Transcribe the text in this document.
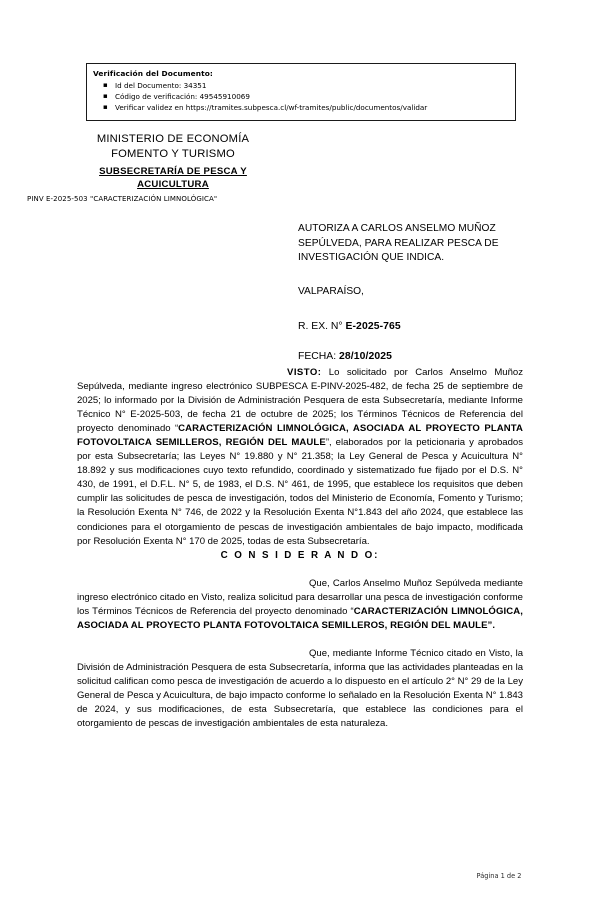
Verificación del Documento:
▪ Id del Documento: 34351
▪ Código de verificación: 49545910069
▪ Verificar validez en https://tramites.subpesca.cl/wf-tramites/public/documentos/validar
MINISTERIO DE ECONOMÍA
FOMENTO Y TURISMO
SUBSECRETARÍA DE PESCA Y
ACUICULTURA
PINV E-2025-503 "CARACTERIZACIÓN LIMNOLÓGICA"
AUTORIZA A CARLOS ANSELMO MUÑOZ SEPÚLVEDA, PARA REALIZAR PESCA DE INVESTIGACIÓN QUE INDICA.
VALPARAÍSO,
R. EX. N° E-2025-765
FECHA: 28/10/2025

VISTO: Lo solicitado por Carlos Anselmo Muñoz Sepúlveda, mediante ingreso electrónico SUBPESCA E-PINV-2025-482, de fecha 25 de septiembre de 2025; lo informado por la División de Administración Pesquera de esta Subsecretaría, mediante Informe Técnico N° E-2025-503, de fecha 21 de octubre de 2025; los Términos Técnicos de Referencia del proyecto denominado “CARACTERIZACIÓN LIMNOLÓGICA, ASOCIADA AL PROYECTO PLANTA FOTOVOLTAICA SEMILLEROS, REGIÓN DEL MAULE”, elaborados por la peticionaria y aprobados por esta Subsecretaría; las Leyes N° 19.880 y N° 21.358; la Ley General de Pesca y Acuicultura N° 18.892 y sus modificaciones cuyo texto refundido, coordinado y sistematizado fue fijado por el D.S. N° 430, de 1991, el D.F.L. N° 5, de 1983, el D.S. N° 461, de 1995, que establece los requisitos que deben cumplir las solicitudes de pesca de investigación, todos del Ministerio de Economía, Fomento y Turismo; la Resolución Exenta N° 746, de 2022 y la Resolución Exenta N°1.843 del año 2024, que establece las condiciones para el otorgamiento de pescas de investigación ambientales de bajo impacto, modificada por Resolución Exenta N° 170 de 2025, todas de esta Subsecretaría.

C O N S I D E R A N D O:

Que, Carlos Anselmo Muñoz Sepúlveda mediante ingreso electrónico citado en Visto, realiza solicitud para desarrollar una pesca de investigación conforme los Términos Técnicos de Referencia del proyecto denominado “CARACTERIZACIÓN LIMNOLÓGICA, ASOCIADA AL PROYECTO PLANTA FOTOVOLTAICA SEMILLEROS, REGIÓN DEL MAULE”.

Que, mediante Informe Técnico citado en Visto, la División de Administración Pesquera de esta Subsecretaría, informa que las actividades planteadas en la solicitud califican como pesca de investigación de acuerdo a lo dispuesto en el artículo 2° N° 29 de la Ley General de Pesca y Acuicultura, de bajo impacto conforme lo señalado en la Resolución Exenta N° 1.843 de 2024, y sus modificaciones, de esta Subsecretaría, que establece las condiciones para el otorgamiento de pescas de investigación ambientales de esta naturaleza.

Página 1 de 2
